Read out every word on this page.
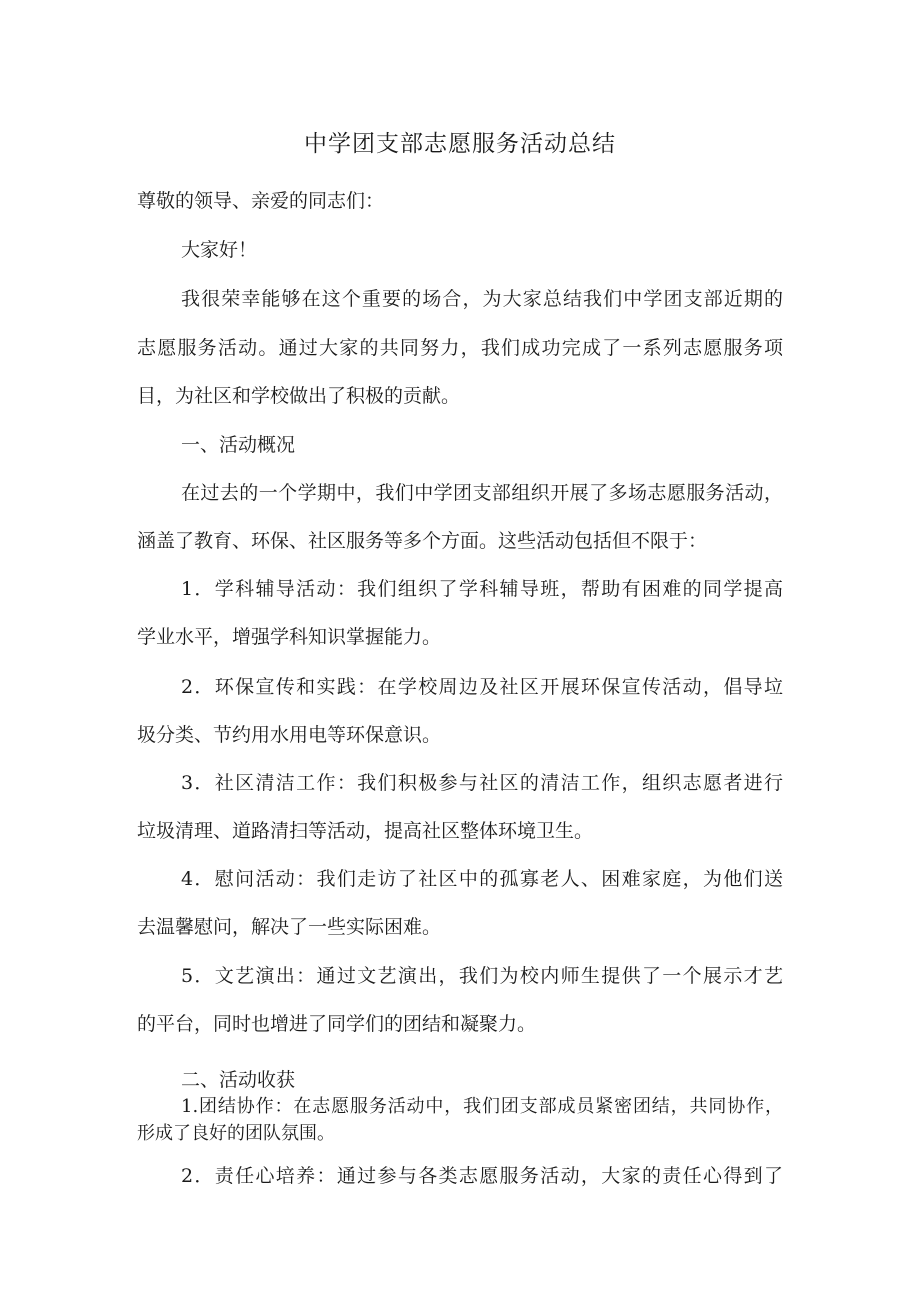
中学团支部志愿服务活动总结
尊敬的领导、亲爱的同志们：
大家好！
我很荣幸能够在这个重要的场合，为大家总结我们中学团支部近期的
志愿服务活动。通过大家的共同努力，我们成功完成了一系列志愿服务项
目，为社区和学校做出了积极的贡献。
一、活动概况
在过去的一个学期中，我们中学团支部组织开展了多场志愿服务活动，
涵盖了教育、环保、社区服务等多个方面。这些活动包括但不限于：
1．学科辅导活动：我们组织了学科辅导班，帮助有困难的同学提高
学业水平，增强学科知识掌握能力。
2．环保宣传和实践：在学校周边及社区开展环保宣传活动，倡导垃
圾分类、节约用水用电等环保意识。
3．社区清洁工作：我们积极参与社区的清洁工作，组织志愿者进行
垃圾清理、道路清扫等活动，提高社区整体环境卫生。
4．慰问活动：我们走访了社区中的孤寡老人、困难家庭，为他们送
去温馨慰问，解决了一些实际困难。
5．文艺演出：通过文艺演出，我们为校内师生提供了一个展示才艺
的平台，同时也增进了同学们的团结和凝聚力。
二、活动收获
1.团结协作：在志愿服务活动中，我们团支部成员紧密团结，共同协作，
形成了良好的团队氛围。
2．责任心培养：通过参与各类志愿服务活动，大家的责任心得到了
